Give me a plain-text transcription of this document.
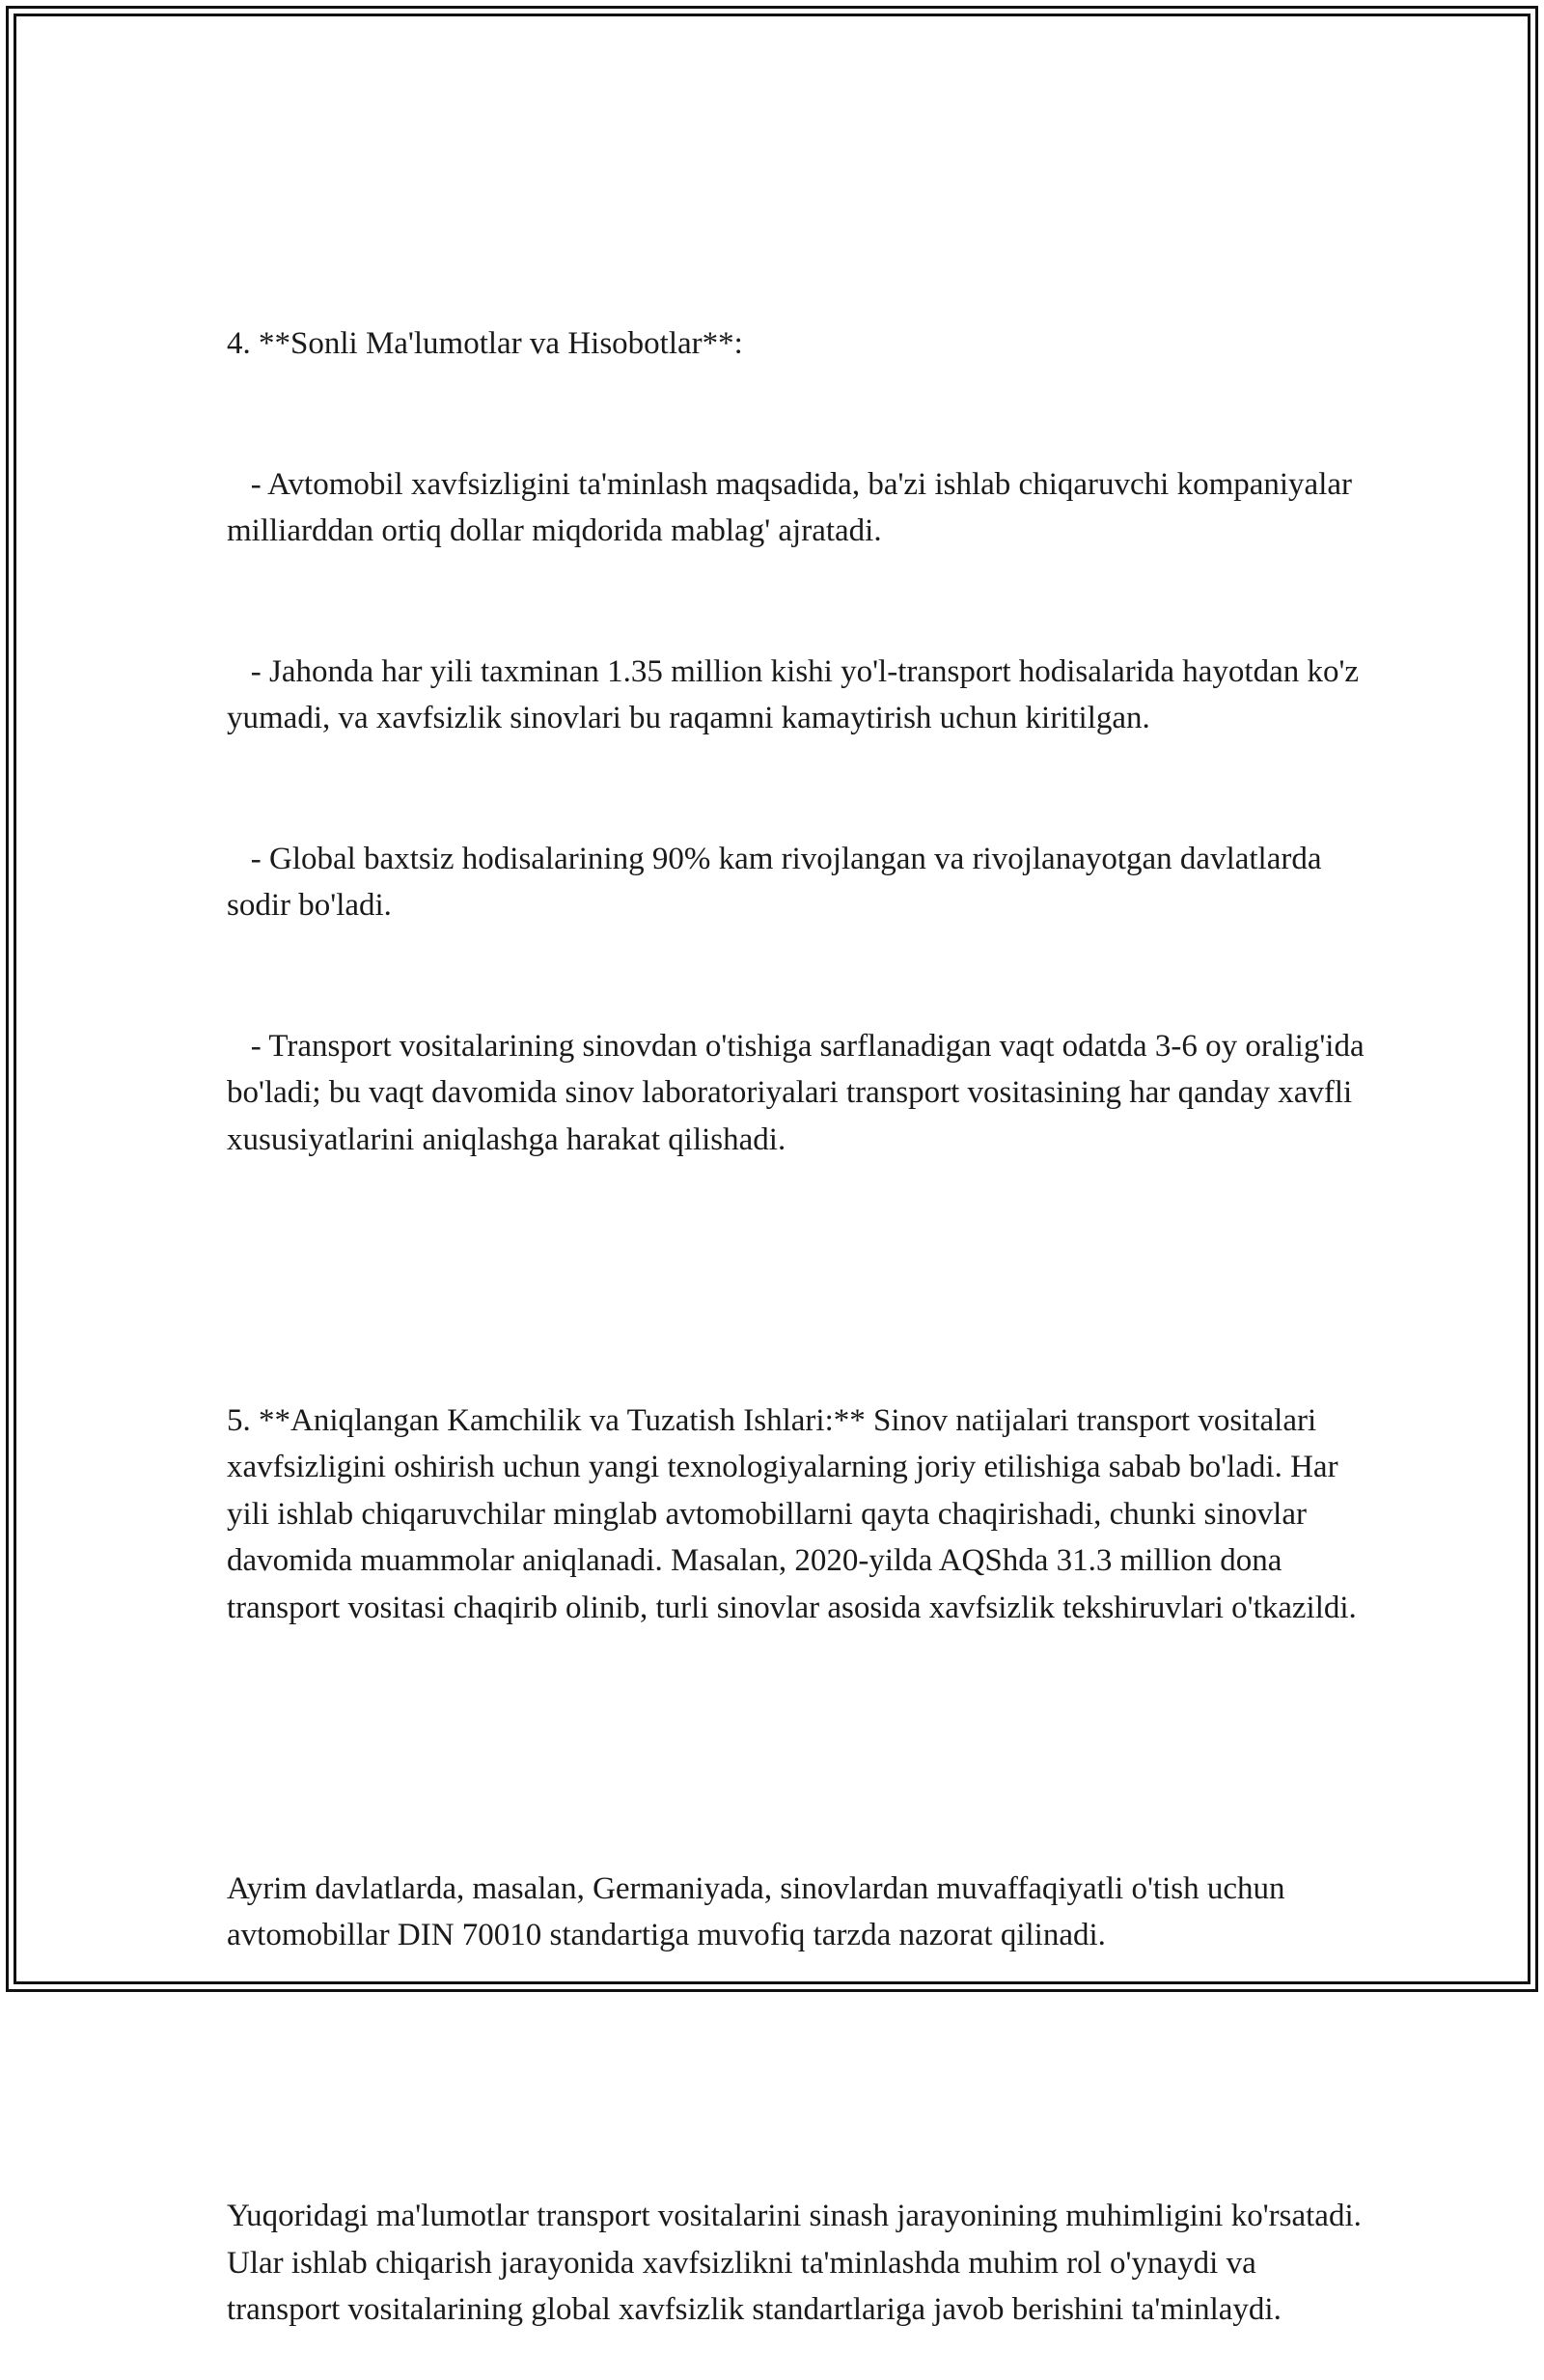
4. **Sonli Ma'lumotlar va Hisobotlar**:

- Avtomobil xavfsizligini ta'minlash maqsadida, ba'zi ishlab chiqaruvchi kompaniyalar milliarddan ortiq dollar miqdorida mablag' ajratadi.

- Jahonda har yili taxminan 1.35 million kishi yo'l-transport hodisalarida hayotdan ko'z yumadi, va xavfsizlik sinovlari bu raqamni kamaytirish uchun kiritilgan.

- Global baxtsiz hodisalarining 90% kam rivojlangan va rivojlanayotgan davlatlarda sodir bo'ladi.

- Transport vositalarining sinovdan o'tishiga sarflanadigan vaqt odatda 3-6 oy oralig'ida bo'ladi; bu vaqt davomida sinov laboratoriyalari transport vositasining har qanday xavfli xususiyatlarini aniqlashga harakat qilishadi.

5. **Aniqlangan Kamchilik va Tuzatish Ishlari:** Sinov natijalari transport vositalari xavfsizligini oshirish uchun yangi texnologiyalarning joriy etilishiga sabab bo'ladi. Har yili ishlab chiqaruvchilar minglab avtomobillarni qayta chaqirishadi, chunki sinovlar davomida muammolar aniqlanadi. Masalan, 2020-yilda AQShda 31.3 million dona transport vositasi chaqirib olinib, turli sinovlar asosida xavfsizlik tekshiruvlari o'tkazildi.

Ayrim davlatlarda, masalan, Germaniyada, sinovlardan muvaffaqiyatli o'tish uchun avtomobillar DIN 70010 standartiga muvofiq tarzda nazorat qilinadi.

Yuqoridagi ma'lumotlar transport vositalarini sinash jarayonining muhimligini ko'rsatadi. Ular ishlab chiqarish jarayonida xavfsizlikni ta'minlashda muhim rol o'ynaydi va transport vositalarining global xavfsizlik standartlariga javob berishini ta'minlaydi.
